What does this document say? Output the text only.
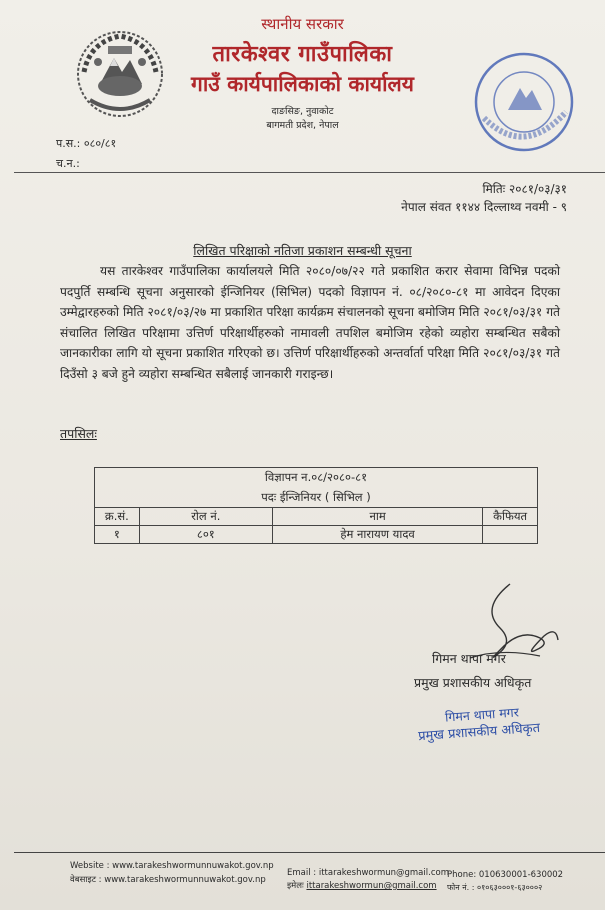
स्थानीय सरकार
तारकेश्वर गाउँपालिका
गाउँ कार्यपालिकाको कार्यालय
दाङसिङ, नुवाकोट
बागमती प्रदेश, नेपाल
प.स.: ०८०/८१
च.न.:
मितिः २०८१/०३/३१
नेपाल संवत ११४४ दिल्लाथ्व नवमी - ९
लिखित परिक्षाको नतिजा प्रकाशन सम्बन्धी सूचना
यस तारकेश्वर गाउँपालिका कार्यालयले मिति २०८०/०७/२२ गते प्रकाशित करार सेवामा विभिन्न पदको पदपुर्ति सम्बन्धि सूचना अनुसारको ईन्जिनियर (सिभिल) पदको विज्ञापन नं. ०८/२०८०-८१ मा आवेदन दिएका उम्मेद्वारहरुको मिति २०८१/०३/२७ मा प्रकाशित परिक्षा कार्यक्रम संचालनको सूचना बमोजिम मिति २०८१/०३/३१ गते संचालित लिखित परिक्षामा उत्तिर्ण परिक्षार्थीहरुको नामावली तपशिल बमोजिम रहेको व्यहोरा सम्बन्धित सबैको जानकारीका लागि यो सूचना प्रकाशित गरिएको छ। उत्तिर्ण परिक्षार्थीहरुको अन्तर्वार्ता परिक्षा मिति २०८१/०३/३१ गते दिउँसो ३ बजे हुने व्यहोरा सम्बन्धित सबैलाई जानकारी गराइन्छ।
तपसिलः
विज्ञापन न.०८/२०८०-८१			
पदः ईन्जिनियर ( सिभिल )			
क्र.सं.	रोल नं.	नाम	कैफियत
१	८०१	हेम नारायण यादव	
गिमन थापा मगर
प्रमुख प्रशासकीय अधिकृत
गिमन थापा मगर
प्रमुख प्रशासकीय अधिकृत
Website : www.tarakeshwormunnuwakot.gov.np
वेबसाइट : www.tarakeshwormunnuwakot.gov.np
Email : ittarakeshwormun@gmail.com
इमेलः ittarakeshwormun@gmail.com
Phone: 010630001-630002
फोन नं. : ०१०६३०००१-६३०००२
